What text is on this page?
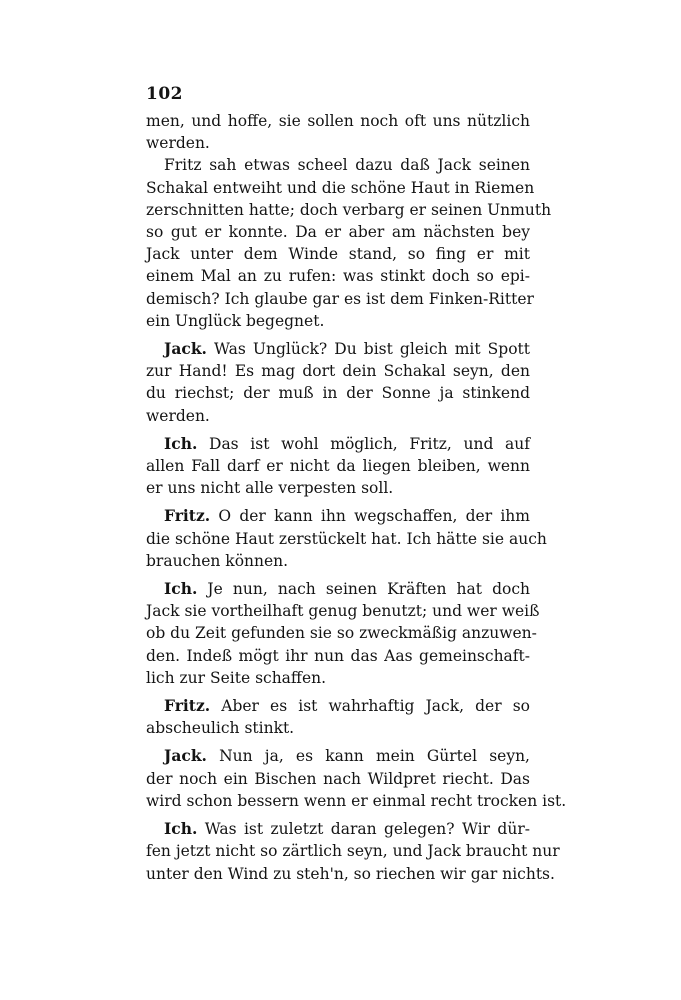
102

men, und hoffe, sie sollen noch oft uns nützlich
werden.

Fritz sah etwas scheel dazu daß Jack seinen
Schakal entweiht und die schöne Haut in Riemen
zerschnitten hatte; doch verbarg er seinen Unmuth
so gut er konnte. Da er aber am nächsten bey
Jack unter dem Winde stand, so fing er mit
einem Mal an zu rufen: was stinkt doch so epi-
demisch? Ich glaube gar es ist dem Finken-Ritter
ein Unglück begegnet.

Jack. Was Unglück? Du bist gleich mit Spott
zur Hand! Es mag dort dein Schakal seyn, den
du riechst; der muß in der Sonne ja stinkend
werden.

Ich. Das ist wohl möglich, Fritz, und auf
allen Fall darf er nicht da liegen bleiben, wenn
er uns nicht alle verpesten soll.

Fritz. O der kann ihn wegschaffen, der ihm
die schöne Haut zerstückelt hat. Ich hätte sie auch
brauchen können.

Ich. Je nun, nach seinen Kräften hat doch
Jack sie vortheilhaft genug benutzt; und wer weiß
ob du Zeit gefunden sie so zweckmäßig anzuwen-
den. Indeß mögt ihr nun das Aas gemeinschaft-
lich zur Seite schaffen.

Fritz. Aber es ist wahrhaftig Jack, der so
abscheulich stinkt.

Jack. Nun ja, es kann mein Gürtel seyn,
der noch ein Bischen nach Wildpret riecht. Das
wird schon bessern wenn er einmal recht trocken ist.

Ich. Was ist zuletzt daran gelegen? Wir dür-
fen jetzt nicht so zärtlich seyn, und Jack braucht nur
unter den Wind zu steh'n, so riechen wir gar nichts.
